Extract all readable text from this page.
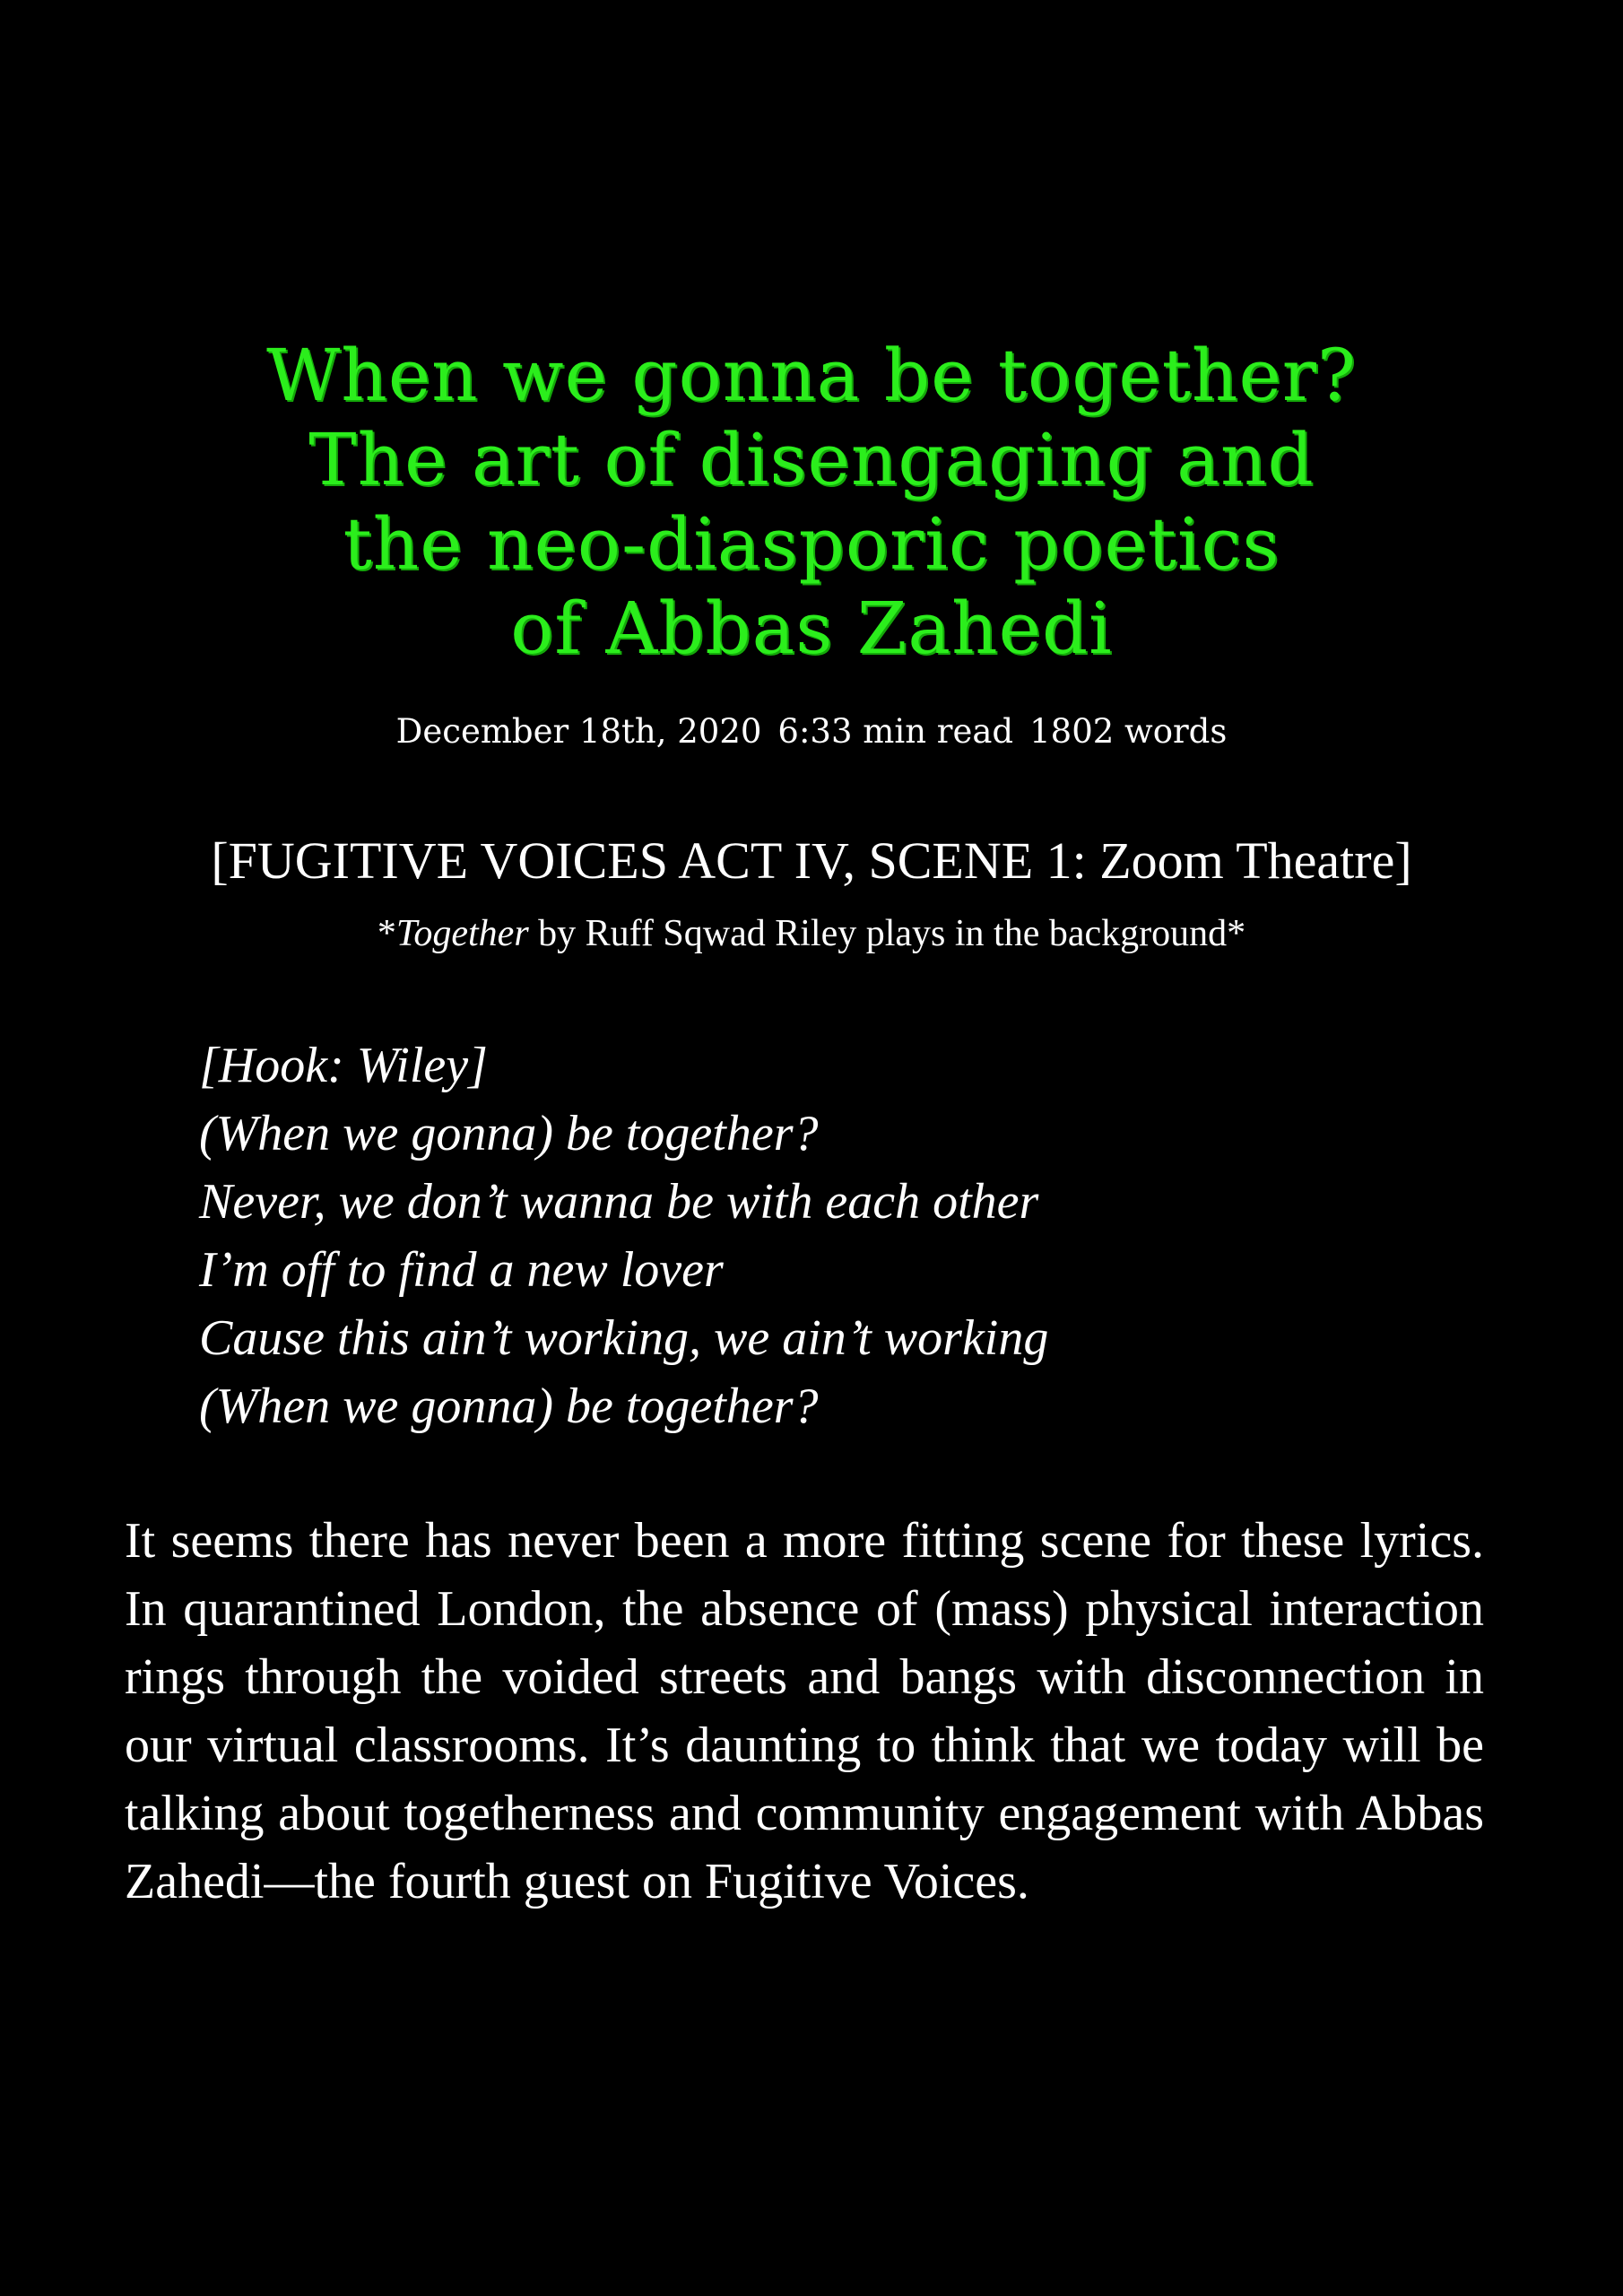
When we gonna be together?
The art of disengaging and
the neo-diasporic poetics
of Abbas Zahedi
December 18th, 2020 6:33 min read 1802 words
[FUGITIVE VOICES ACT IV, SCENE 1: Zoom Theatre]
*Together by Ruff Sqwad Riley plays in the background*
[Hook: Wiley]
(When we gonna) be together?
Never, we don’t wanna be with each other
I’m off to find a new lover
Cause this ain’t working, we ain’t working
(When we gonna) be together?

It seems there has never been a more fitting scene for these lyrics. In quarantined London, the absence of (mass) physical interaction rings through the voided streets and bangs with disconnection in our virtual classrooms. It’s daunting to think that we today will be talking about togetherness and community engagement with Abbas Zahedi—the fourth guest on Fugitive Voices.
